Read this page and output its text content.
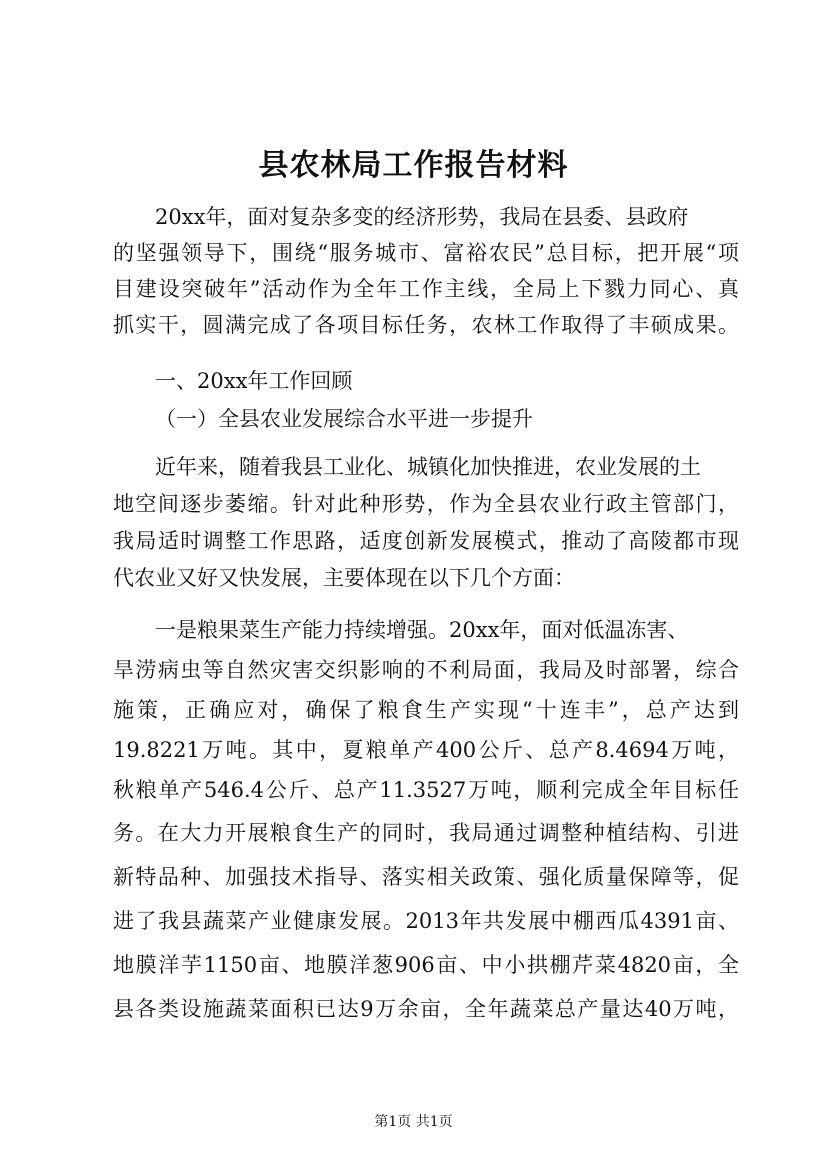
县农林局工作报告材料
20xx年，面对复杂多变的经济形势，我局在县委、县政府
的坚强领导下，围绕“服务城市、富裕农民”总目标，把开展“项
目建设突破年”活动作为全年工作主线，全局上下戮力同心、真
抓实干，圆满完成了各项目标任务，农林工作取得了丰硕成果。
一、20xx年工作回顾
（一）全县农业发展综合水平进一步提升
近年来，随着我县工业化、城镇化加快推进，农业发展的土
地空间逐步萎缩。针对此种形势，作为全县农业行政主管部门，
我局适时调整工作思路，适度创新发展模式，推动了高陵都市现
代农业又好又快发展，主要体现在以下几个方面：
一是粮果菜生产能力持续增强。20xx年，面对低温冻害、
旱涝病虫等自然灾害交织影响的不利局面，我局及时部署，综合
施策，正确应对，确保了粮食生产实现“十连丰”，总产达到
19.8221万吨。其中，夏粮单产400公斤、总产8.4694万吨，
秋粮单产546.4公斤、总产11.3527万吨，顺利完成全年目标任
务。在大力开展粮食生产的同时，我局通过调整种植结构、引进
新特品种、加强技术指导、落实相关政策、强化质量保障等，促
进了我县蔬菜产业健康发展。2013年共发展中棚西瓜4391亩、
地膜洋芋1150亩、地膜洋葱906亩、中小拱棚芹菜4820亩，全
县各类设施蔬菜面积已达9万余亩，全年蔬菜总产量达40万吨，
第1页 共1页
